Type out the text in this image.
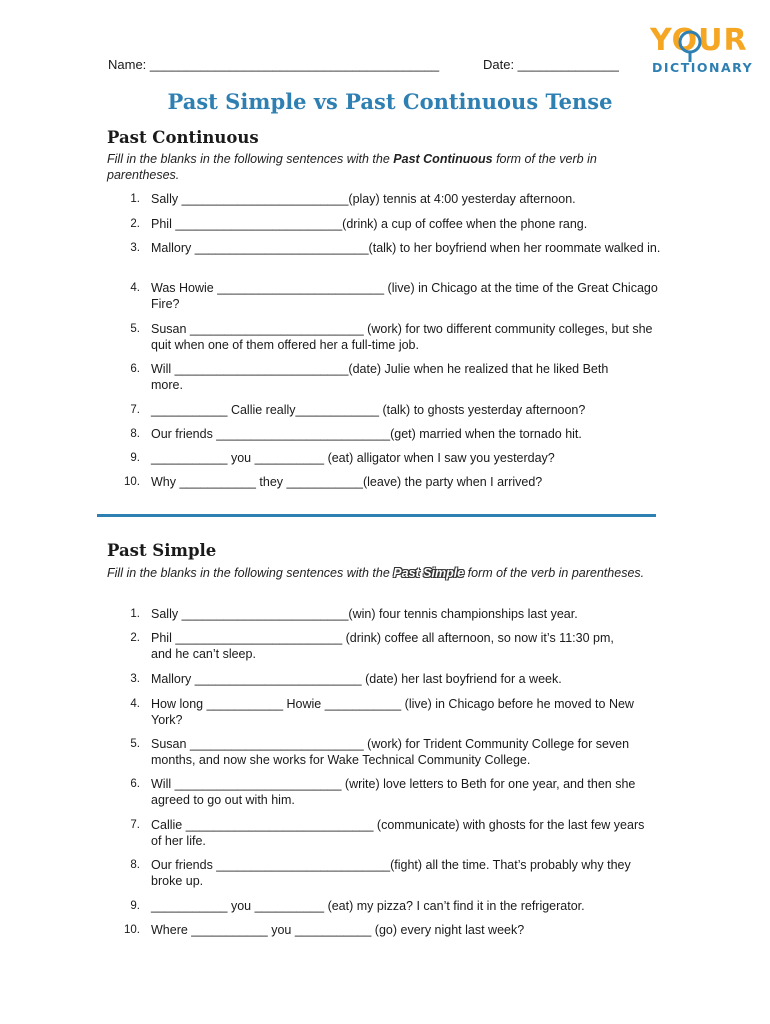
Name: ________________________________________	Date: ______________
YOUR
DICTIONARY
Past Simple vs Past Continuous Tense
Past Continuous
Fill in the blanks in the following sentences with the Past Continuous form of the verb in parentheses.
1. Sally ________________________(play) tennis at 4:00 yesterday afternoon.
2. Phil ________________________(drink) a cup of coffee when the phone rang.
3. Mallory _________________________(talk) to her boyfriend when her roommate walked in.
4. Was Howie ________________________ (live) in Chicago at the time of the Great Chicago Fire?
5. Susan _________________________ (work) for two different community colleges, but she quit when one of them offered her a full-time job.
6. Will _________________________(date) Julie when he realized that he liked Beth more.
7. ___________ Callie really____________ (talk) to ghosts yesterday afternoon?
8. Our friends _________________________(get) married when the tornado hit.
9. ___________ you __________ (eat) alligator when I saw you yesterday?
10. Why ___________ they ___________(leave) the party when I arrived?
Past Simple
Fill in the blanks in the following sentences with the Past Simple form of the verb in parentheses.
1. Sally ________________________(win) four tennis championships last year.
2. Phil ________________________ (drink) coffee all afternoon, so now it’s 11:30 pm, and he can’t sleep.
3. Mallory ________________________ (date) her last boyfriend for a week.
4. How long ___________ Howie ___________ (live) in Chicago before he moved to New York?
5. Susan _________________________ (work) for Trident Community College for seven months, and now she works for Wake Technical Community College.
6. Will ________________________ (write) love letters to Beth for one year, and then she agreed to go out with him.
7. Callie ___________________________ (communicate) with ghosts for the last few years of her life.
8. Our friends _________________________(fight) all the time. That’s probably why they broke up.
9. ___________ you __________ (eat) my pizza? I can’t find it in the refrigerator.
10. Where ___________ you ___________ (go) every night last week?
